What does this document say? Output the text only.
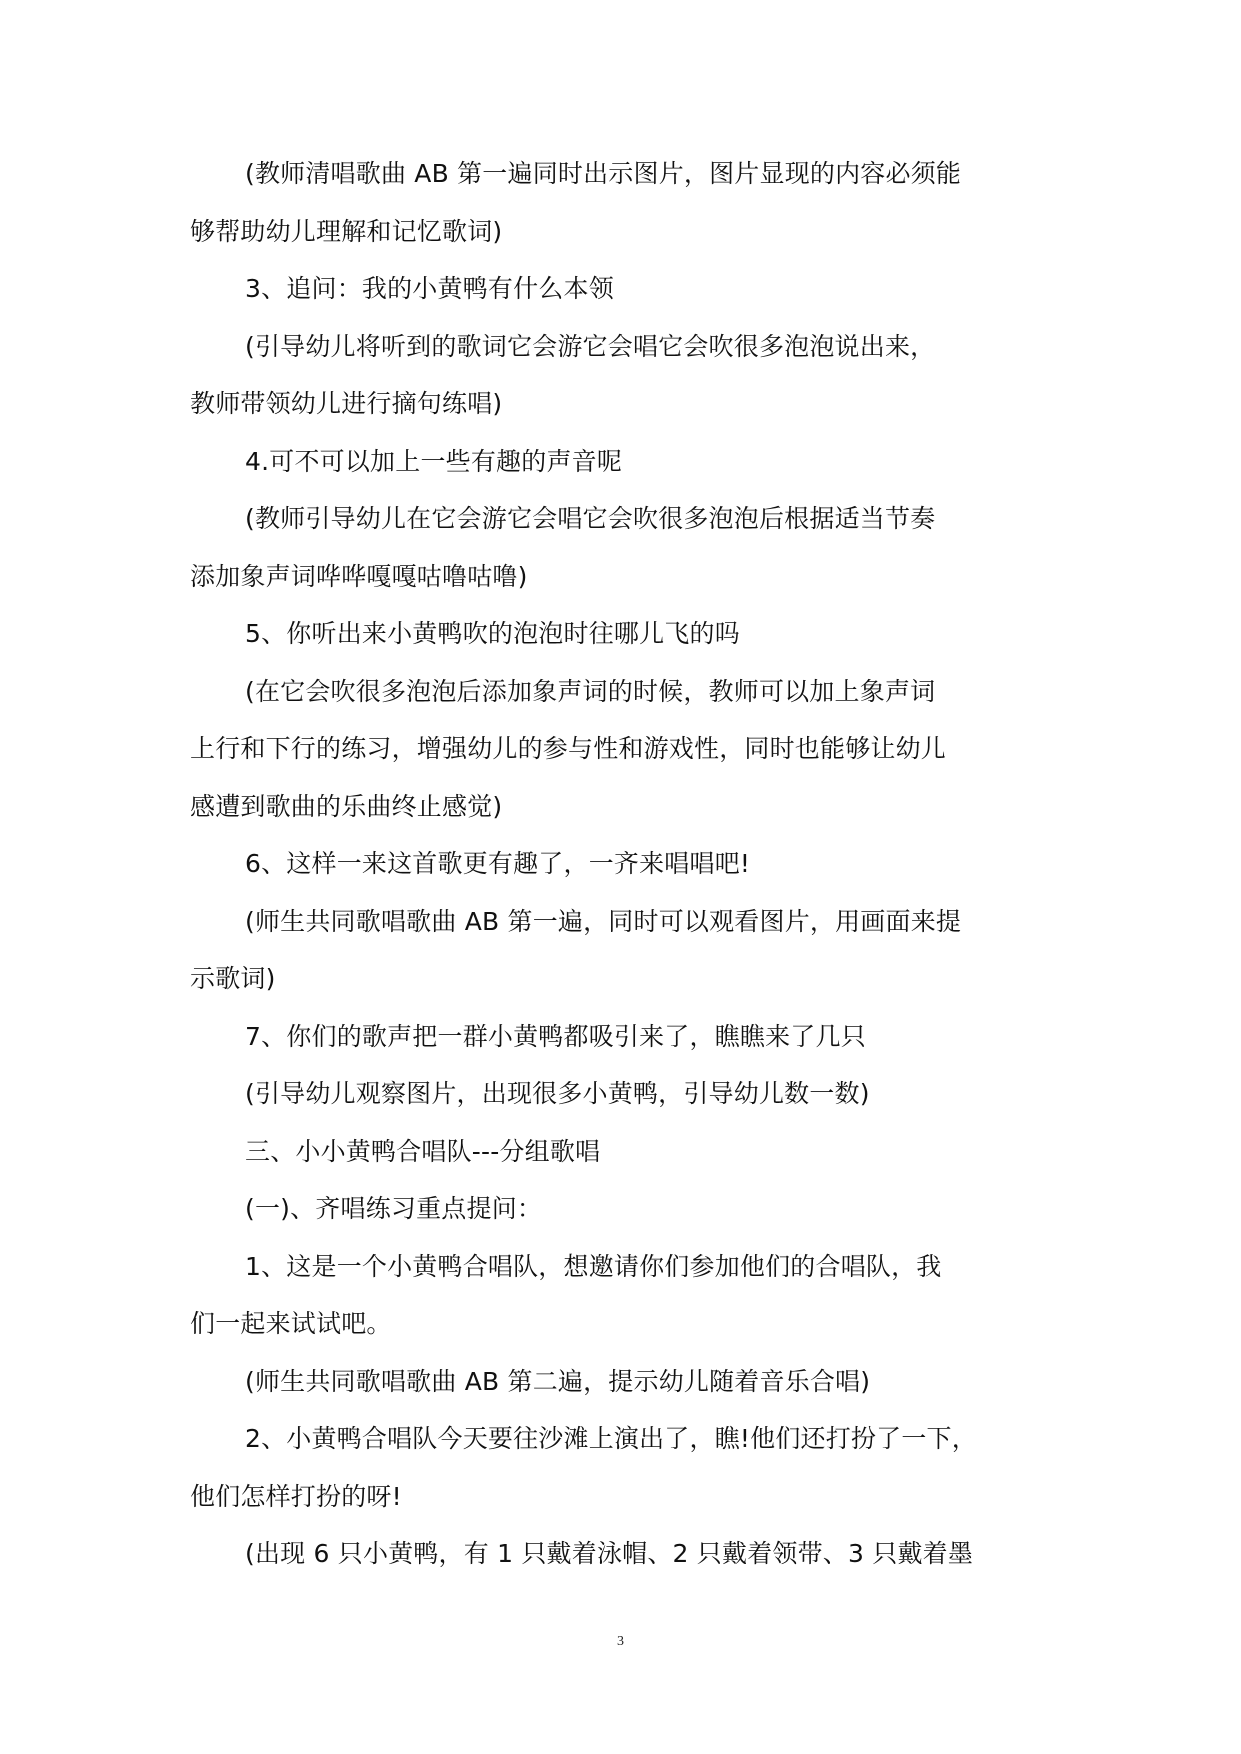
(教师清唱歌曲 AB 第一遍同时出示图片，图片显现的内容必须能
够帮助幼儿理解和记忆歌词)
3、追问：我的小黄鸭有什么本领
(引导幼儿将听到的歌词它会游它会唱它会吹很多泡泡说出来，
教师带领幼儿进行摘句练唱)
4.可不可以加上一些有趣的声音呢
(教师引导幼儿在它会游它会唱它会吹很多泡泡后根据适当节奏
添加象声词哗哗嘎嘎咕噜咕噜)
5、你听出来小黄鸭吹的泡泡时往哪儿飞的吗
(在它会吹很多泡泡后添加象声词的时候，教师可以加上象声词
上行和下行的练习，增强幼儿的参与性和游戏性，同时也能够让幼儿
感遭到歌曲的乐曲终止感觉)
6、这样一来这首歌更有趣了，一齐来唱唱吧!
(师生共同歌唱歌曲 AB 第一遍，同时可以观看图片，用画面来提
示歌词)
7、你们的歌声把一群小黄鸭都吸引来了，瞧瞧来了几只
(引导幼儿观察图片，出现很多小黄鸭，引导幼儿数一数)
三、小小黄鸭合唱队---分组歌唱
(一)、齐唱练习重点提问：
1、这是一个小黄鸭合唱队，想邀请你们参加他们的合唱队，我
们一起来试试吧。
(师生共同歌唱歌曲 AB 第二遍，提示幼儿随着音乐合唱)
2、小黄鸭合唱队今天要往沙滩上演出了，瞧!他们还打扮了一下，
他们怎样打扮的呀!
(出现 6 只小黄鸭，有 1 只戴着泳帽、2 只戴着领带、3 只戴着墨
3
